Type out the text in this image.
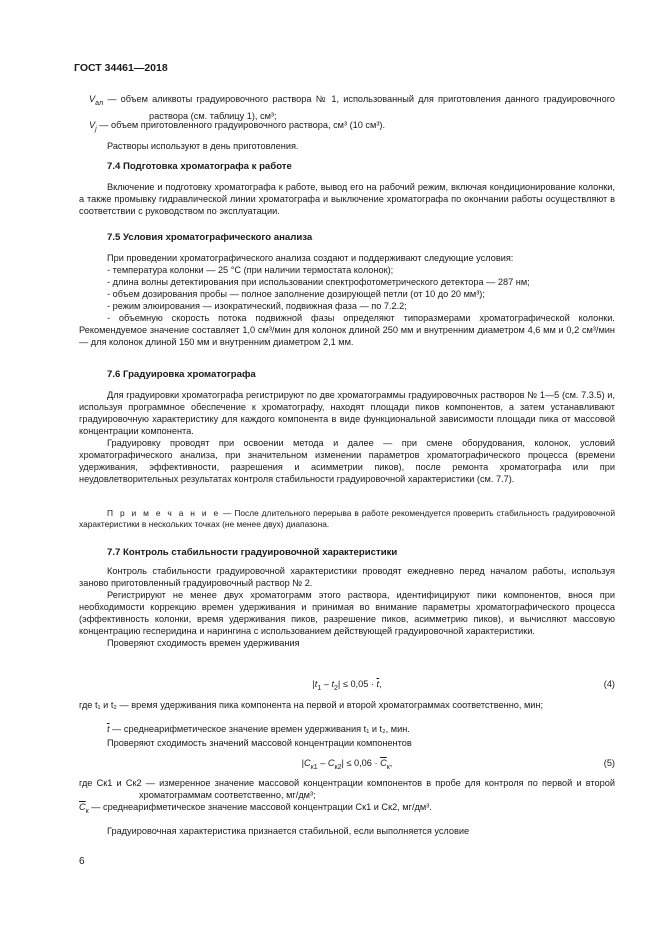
ГОСТ 34461—2018

$V_{ал}$ — объем аликвоты градуировочного раствора № 1, использованный для приготовления данного градуировочного раствора (см. таблицу 1), см³;

$V_j$ — объем приготовленного градуировочного раствора, см³ (10 см³).

Растворы используют в день приготовления.

7.4 Подготовка хроматографа к работе

Включение и подготовку хроматографа к работе, вывод его на рабочий режим, включая кондиционирование колонки, а также промывку гидравлической линии хроматографа и выключение хроматографа по окончании работы осуществляют в соответствии с руководством по эксплуатации.

7.5 Условия хроматографического анализа

При проведении хроматографического анализа создают и поддерживают следующие условия:

- температура колонки — 25 °С (при наличии термостата колонок);

- длина волны детектирования при использовании спектрофотометрического детектора — 287 нм;

- объем дозирования пробы — полное заполнение дозирующей петли (от 10 до 20 мм³);

- режим элюирования — изократический, подвижная фаза — по 7.2.2;

- объемную скорость потока подвижной фазы определяют типоразмерами хроматографической колонки. Рекомендуемое значение составляет 1,0 см³/мин для колонок длиной 250 мм и внутренним диаметром 4,6 мм и 0,2 см³/мин — для колонок длиной 150 мм и внутренним диаметром 2,1 мм.

7.6 Градуировка хроматографа

Для градуировки хроматографа регистрируют по две хроматограммы градуировочных растворов № 1—5 (см. 7.3.5) и, используя программное обеспечение к хроматографу, находят площади пиков компонентов, а затем устанавливают градуировочную характеристику для каждого компонента в виде функциональной зависимости площади пика от массовой концентрации компонента.

Градуировку проводят при освоении метода и далее — при смене оборудования, колонок, условий хроматографического анализа, при значительном изменении параметров хроматографического процесса (времени удерживания, эффективности, разрешения и асимметрии пиков), после ремонта хроматографа или при неудовлетворительных результатах контроля стабильности градуировочной характеристики (см. 7.7).

П р и м е ч а н и е — После длительного перерыва в работе рекомендуется проверить стабильность градуировочной характеристики в нескольких точках (не менее двух) диапазона.

7.7 Контроль стабильности градуировочной характеристики

Контроль стабильности градуировочной характеристики проводят ежедневно перед началом работы, используя заново приготовленный градуировочный раствор № 2.

Регистрируют не менее двух хроматограмм этого раствора, идентифицируют пики компонентов, внося при необходимости коррекцию времен удерживания и принимая во внимание параметры хроматографического процесса (эффективность колонки, время удерживания пиков, разрешение пиков, асимметрию пиков), и вычисляют массовую концентрацию гесперидина и нарингина с использованием действующей градуировочной характеристики.

Проверяют сходимость времен удерживания

$|t_1 - t_2| \le 0,05 \cdot \overline{t}$,	(4)

где t₁ и t₂ — время удерживания пика компонента на первой и второй хроматограммах соответственно, мин;

$\overline{t}$ — среднеарифметическое значение времен удерживания t₁ и t₂, мин.

Проверяют сходимость значений массовой концентрации компонентов

$|C_{к1} - C_{к2}| \le 0,06 \cdot \overline{C}_к$,	(5)

где Cк1 и Cк2 — измеренное значение массовой концентрации компонентов в пробе для контроля по первой и второй хроматограммам соответственно, мг/дм³;

$\overline{C}_к$ — среднеарифметическое значение массовой концентрации Cк1 и Cк2, мг/дм³.

Градуировочная характеристика признается стабильной, если выполняется условие

6
